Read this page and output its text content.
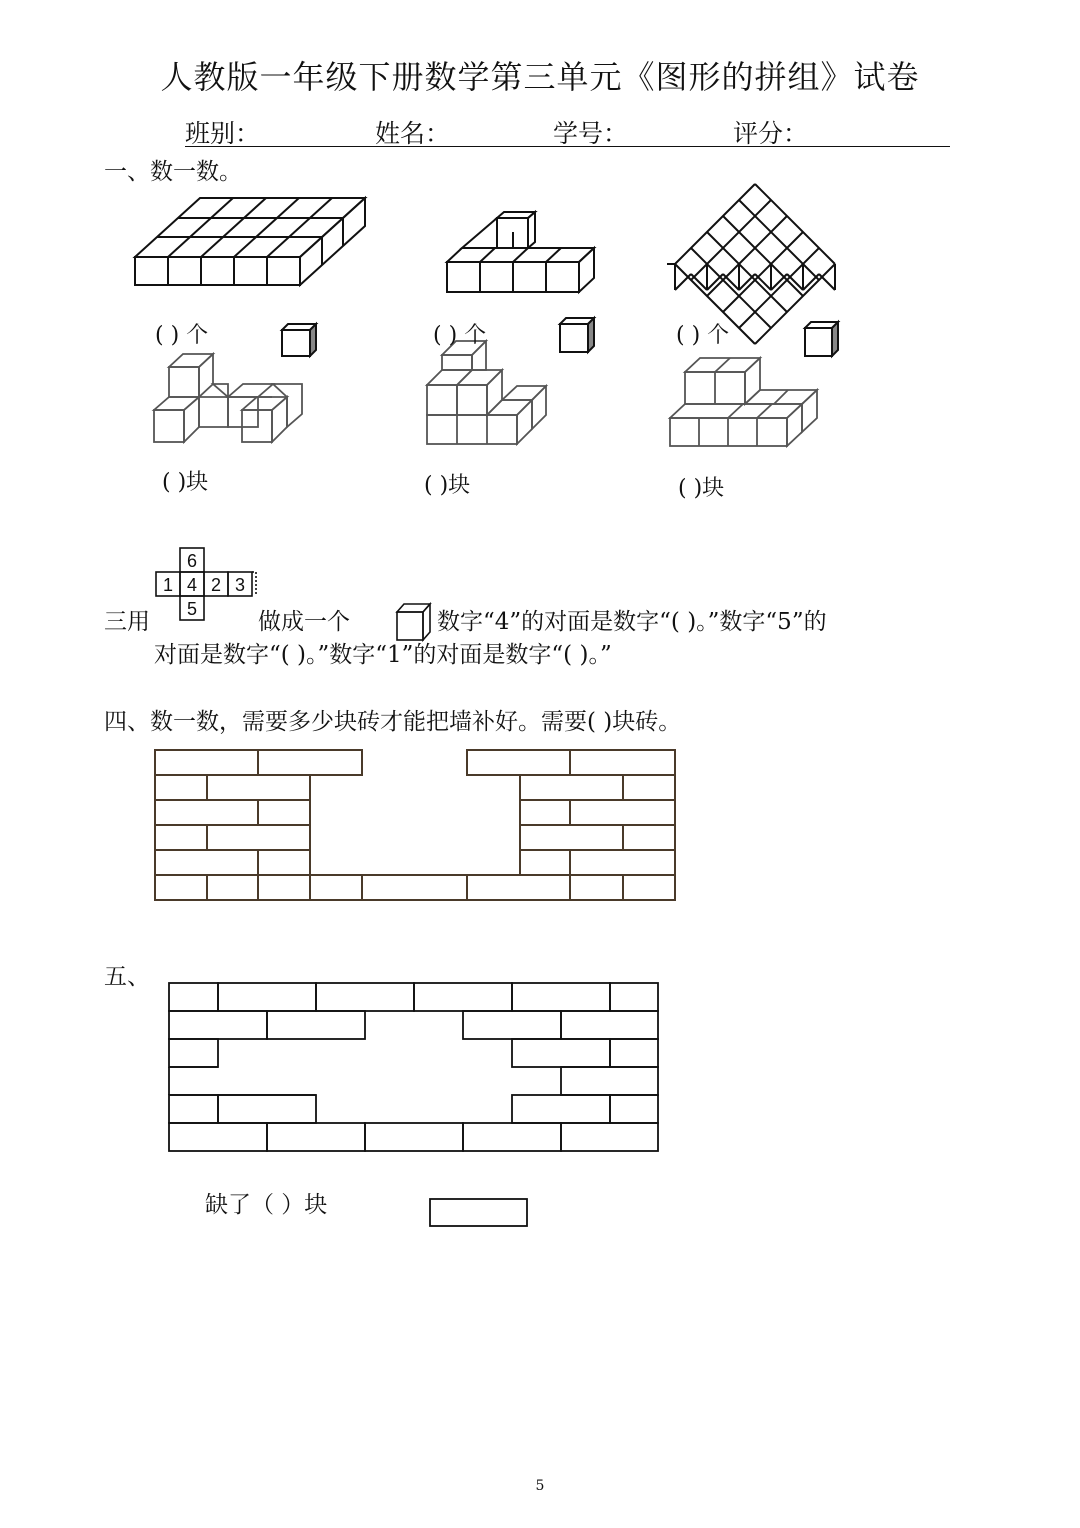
人教版一年级下册数学第三单元《图形的拼组》试卷
班别：	姓名：	学号：	评分：
一、数一数。
6
1 4 2 3
5
( ) 个	( ) 个	( ) 个
( )块	( )块	( )块
三用	做成一个	数字“4”的对面是数字“( )。”数字“5”的
对面是数字“( )。”数字“1”的对面是数字“( )。”
四、数一数，需要多少块砖才能把墙补好。需要( )块砖。
五、
缺了（ ）块
5
